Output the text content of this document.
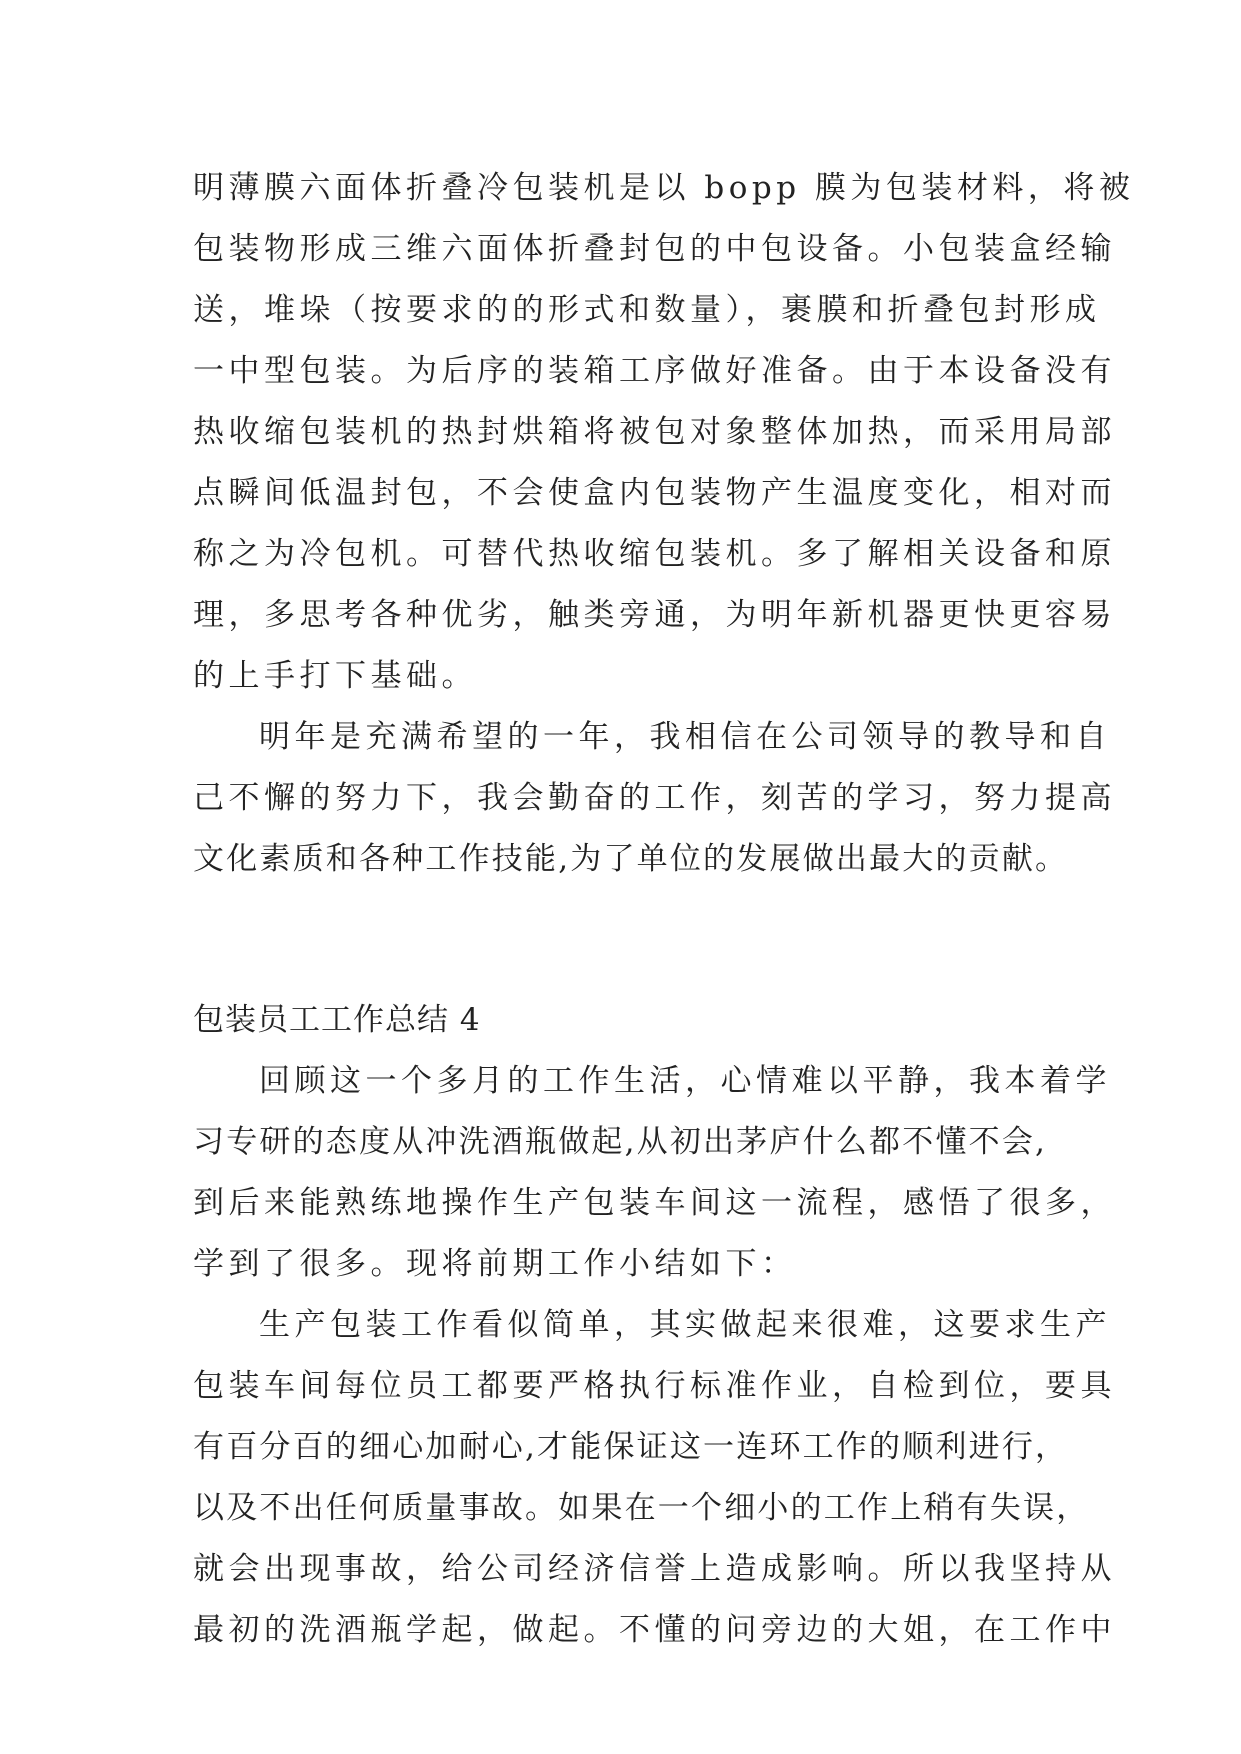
明薄膜六面体折叠冷包装机是以 bopp 膜为包装材料，将被
包装物形成三维六面体折叠封包的中包设备。小包装盒经输
送，堆垛（按要求的的形式和数量），裹膜和折叠包封形成
一中型包装。为后序的装箱工序做好准备。由于本设备没有
热收缩包装机的热封烘箱将被包对象整体加热，而采用局部
点瞬间低温封包，不会使盒内包装物产生温度变化，相对而
称之为冷包机。可替代热收缩包装机。多了解相关设备和原
理，多思考各种优劣，触类旁通，为明年新机器更快更容易
的上手打下基础。
明年是充满希望的一年，我相信在公司领导的教导和自
己不懈的努力下，我会勤奋的工作，刻苦的学习，努力提高
文化素质和各种工作技能,为了单位的发展做出最大的贡献。
包装员工工作总结 4
回顾这一个多月的工作生活，心情难以平静，我本着学
习专研的态度从冲洗酒瓶做起,从初出茅庐什么都不懂不会,
到后来能熟练地操作生产包装车间这一流程，感悟了很多，
学到了很多。现将前期工作小结如下：
生产包装工作看似简单，其实做起来很难，这要求生产
包装车间每位员工都要严格执行标准作业，自检到位，要具
有百分百的细心加耐心,才能保证这一连环工作的顺利进行，
以及不出任何质量事故。如果在一个细小的工作上稍有失误，
就会出现事故，给公司经济信誉上造成影响。所以我坚持从
最初的洗酒瓶学起，做起。不懂的问旁边的大姐，在工作中
